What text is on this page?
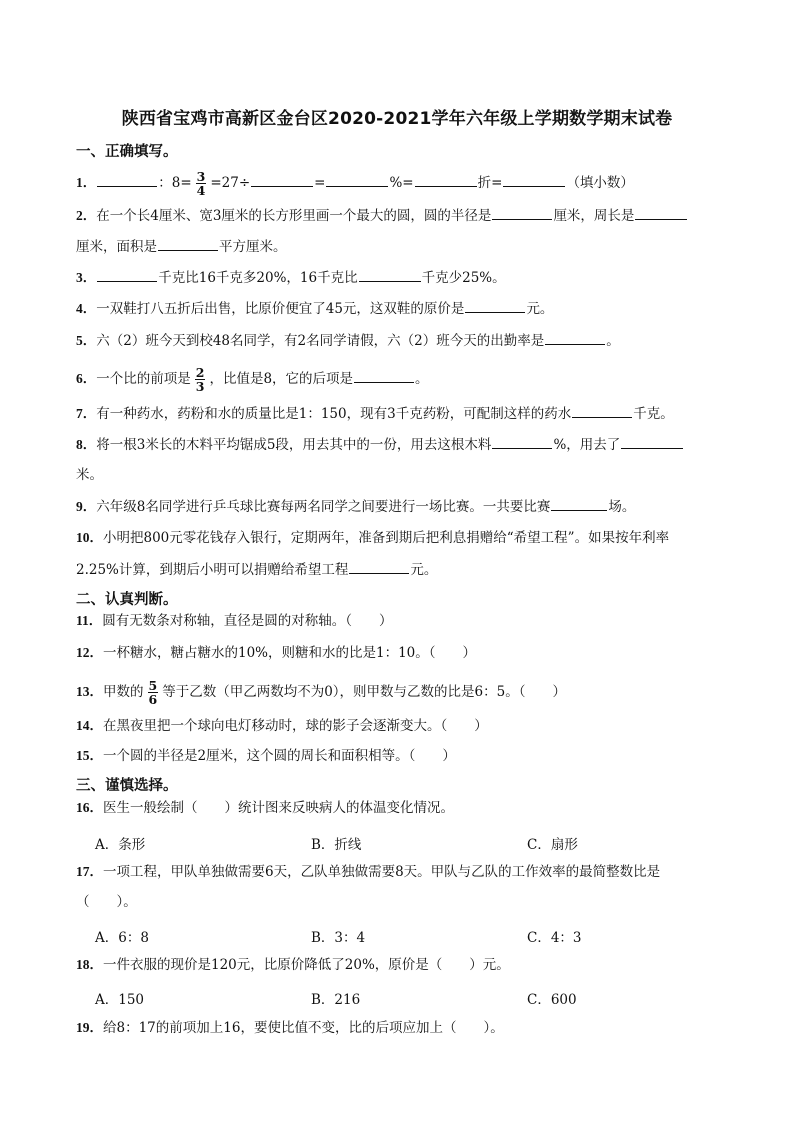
陕西省宝鸡市高新区金台区2020-2021学年六年级上学期数学期末试卷
一、正确填写。
1．	：$8= \frac{3}{4} =27\div$	=	%=	折=	（填小数）
2．在一个长4厘米、宽3厘米的长方形里画一个最大的圆，圆的半径是	厘米，周长是
厘米，面积是	平方厘米。
3．	千克比16千克多20%，16千克比	千克少25%。
4．一双鞋打八五折后出售，比原价便宜了45元，这双鞋的原价是	元。
5．六（2）班今天到校48名同学，有2名同学请假，六（2）班今天的出勤率是	。
6．一个比的前项是 $\frac{2}{3}$ ，比值是8，它的后项是	。
7．有一种药水，药粉和水的质量比是1：150，现有3千克药粉，可配制这样的药水	千克。
8．将一根3米长的木料平均锯成5段，用去其中的一份，用去这根木料	%，用去了
米。
9．六年级8名同学进行乒乓球比赛每两名同学之间要进行一场比赛。一共要比赛	场。
10．小明把800元零花钱存入银行，定期两年，准备到期后把利息捐赠给“希望工程”。如果按年利率
2.25%计算，到期后小明可以捐赠给希望工程	元。
二、认真判断。
11．圆有无数条对称轴，直径是圆的对称轴。（　　）
12．一杯糖水，糖占糖水的10%，则糖和水的比是1：10。（　　）
13．甲数的 $\frac{5}{6}$ 等于乙数（甲乙两数均不为0），则甲数与乙数的比是6：5。（　　）
14．在黑夜里把一个球向电灯移动时，球的影子会逐渐变大。（　　）
15．一个圆的半径是2厘米，这个圆的周长和面积相等。（　　）
三、谨慎选择。
16．医生一般绘制（　　）统计图来反映病人的体温变化情况。
A．条形	B．折线	C．扇形
17．一项工程，甲队单独做需要6天，乙队单独做需要8天。甲队与乙队的工作效率的最简整数比是
（　　）。
A．6：8	B．3：4	C．4：3
18．一件衣服的现价是120元，比原价降低了20%，原价是（　　）元。
A．150	B．216	C．600
19．给8：17的前项加上16，要使比值不变，比的后项应加上（　　）。
